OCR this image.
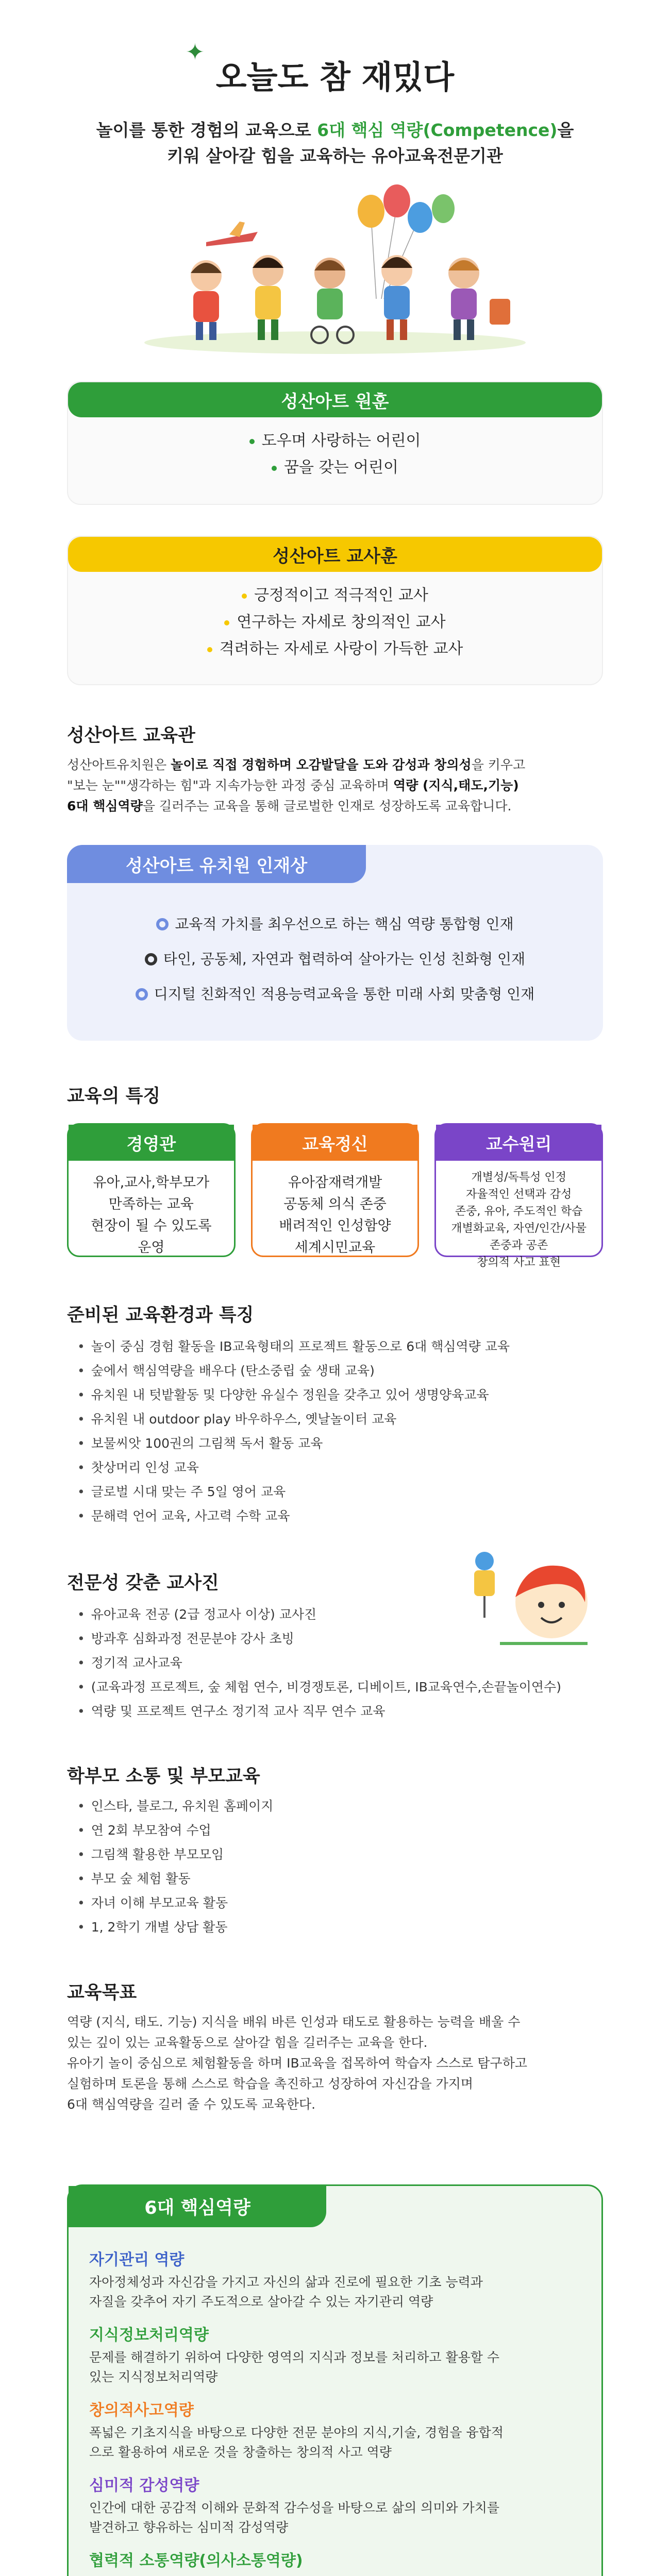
✦
오늘도 참 재밌다
놀이를 통한 경험의 교육으로 6대 핵심 역량(Competence)을
키워 살아갈 힘을 교육하는 유아교육전문기관
성산아트 원훈
도우며 사랑하는 어린이
꿈을 갖는 어린이
성산아트 교사훈
긍정적이고 적극적인 교사
연구하는 자세로 창의적인 교사
격려하는 자세로 사랑이 가득한 교사
성산아트 교육관
성산아트유치원은 놀이로 직접 경험하며 오감발달을 도와 감성과 창의성을 키우고
"보는 눈""생각하는 힘"과 지속가능한 과정 중심 교육하며 역량 (지식,태도,기능)
6대 핵심역량을 길러주는 교육을 통해 글로벌한 인재로 성장하도록 교육합니다.
성산아트 유치원 인재상
교육적 가치를 최우선으로 하는 핵심 역량 통합형 인재
타인, 공동체, 자연과 협력하여 살아가는 인성 친화형 인재
디지털 친화적인 적용능력교육을 통한 미래 사회 맞춤형 인재
교육의 특징
경영관
유아,교사,학부모가
만족하는 교육
현장이 될 수 있도록
운영
교육정신
유아잠재력개발
공동체 의식 존중
배려적인 인성함양
세계시민교육
교수원리
개별성/독특성 인정
자율적인 선택과 감성
존중, 유아, 주도적인 학습
개별화교육, 자연/인간/사물
존중과 공존
창의적 사고 표현
준비된 교육환경과 특징
• 놀이 중심 경험 활동을 IB교육형태의 프로젝트 활동으로 6대 핵심역량 교육
• 숲에서 핵심역량을 배우다 (탄소중립 숲 생태 교육)
• 유치원 내 텃밭활동 및 다양한 유실수 정원을 갖추고 있어 생명양육교육
• 유치원 내 outdoor play 바우하우스, 옛날놀이터 교육
• 보물씨앗 100권의 그림책 독서 활동 교육
• 찻상머리 인성 교육
• 글로벌 시대 맞는 주 5일 영어 교육
• 문해력 언어 교육, 사고력 수학 교육
전문성 갖춘 교사진
• 유아교육 전공 (2급 정교사 이상) 교사진
• 방과후 심화과정 전문분야 강사 초빙
• 정기적 교사교육
• (교육과정 프로젝트, 숲 체험 연수, 비경쟁토론, 디베이트, IB교육연수,손끝놀이연수)
• 역량 및 프로젝트 연구소 정기적 교사 직무 연수 교육
학부모 소통 및 부모교육
• 인스타, 블로그, 유치원 홈페이지
• 연 2회 부모참여 수업
• 그림책 활용한 부모모임
• 부모 숲 체험 활동
• 자녀 이해 부모교육 활동
• 1, 2학기 개별 상담 활동
교육목표
역량 (지식, 태도. 기능) 지식을 배워 바른 인성과 태도로 활용하는 능력을 배울 수
있는 깊이 있는 교육활동으로 살아갈 힘을 길러주는 교육을 한다.
유아기 놀이 중심으로 체험활동을 하며 IB교육을 접목하여 학습자 스스로 탐구하고
실험하며 토론을 통해 스스로 학습을 촉진하고 성장하여 자신감을 가지며
6대 핵심역량을 길러 줄 수 있도록 교육한다.
6대 핵심역량
자기관리 역량

자아정체성과 자신감을 가지고 자신의 삶과 진로에 필요한 기초 능력과

자질을 갖추어 자기 주도적으로 살아갈 수 있는 자기관리 역량

지식정보처리역량

문제를 해결하기 위하여 다양한 영역의 지식과 정보를 처리하고 활용할 수

있는 지식정보처리역량

창의적사고역량

폭넓은 기초지식을 바탕으로 다양한 전문 분야의 지식,기술, 경험을 융합적

으로 활용하여 새로운 것을 창출하는 창의적 사고 역량

심미적 감성역량

인간에 대한 공감적 이해와 문화적 감수성을 바탕으로 삶의 의미와 가치를

발견하고 향유하는 심미적 감성역량

협력적 소통역량(의사소통역량)
